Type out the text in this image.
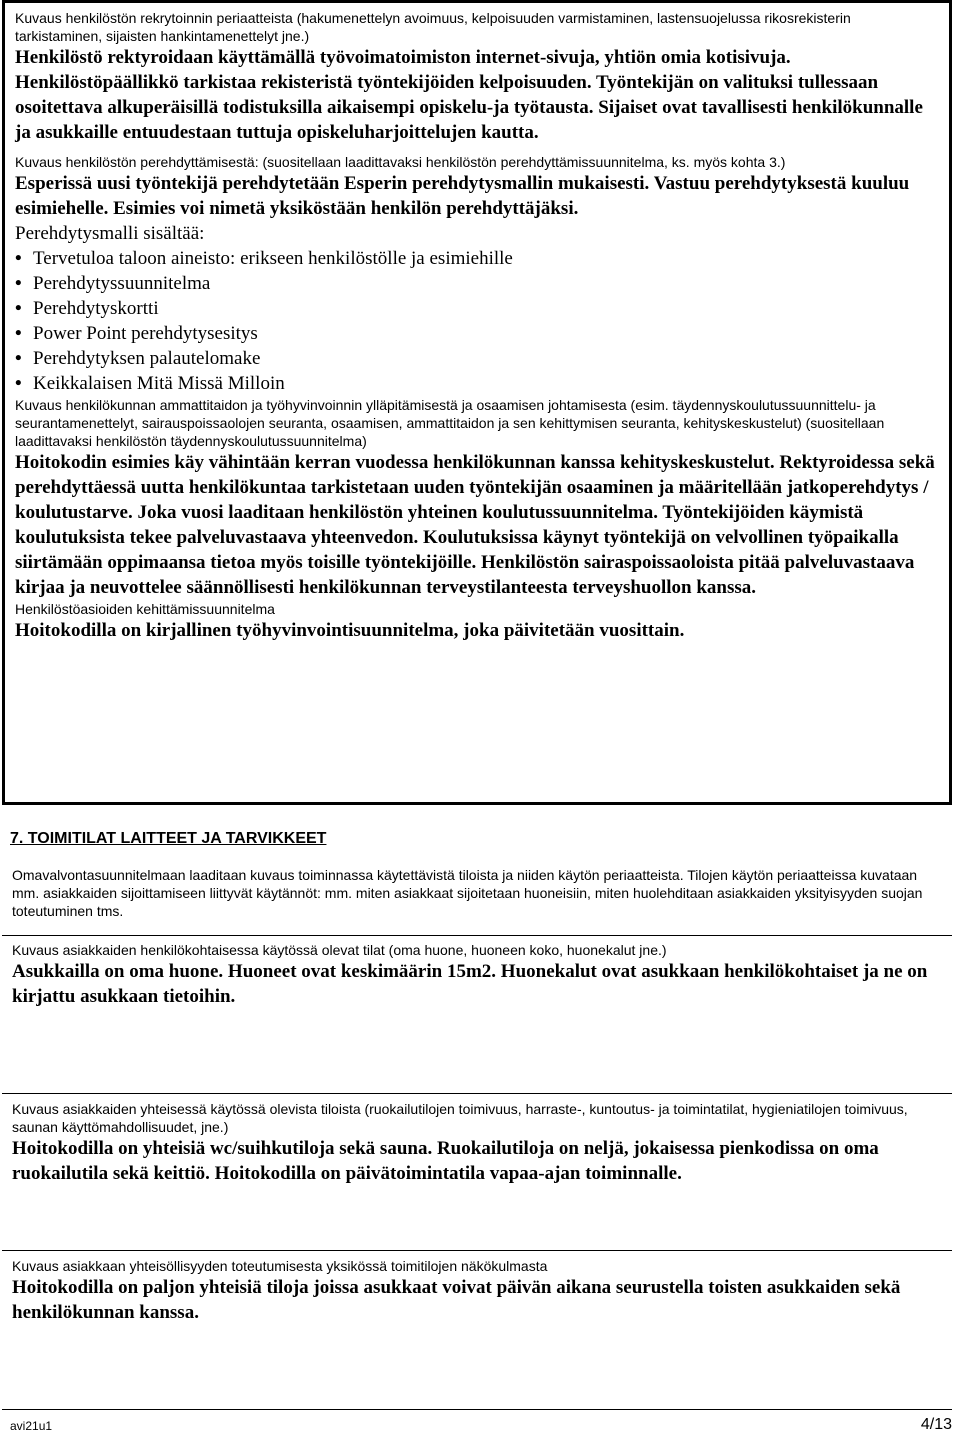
Kuvaus henkilöstön rekrytoinnin periaatteista (hakumenettelyn avoimuus, kelpoisuuden varmistaminen, lastensuojelussa rikosrekisterin tarkistaminen, sijaisten hankintamenettelyt jne.)

Henkilöstö rektyroidaan käyttämällä työvoimatoimiston internet-sivuja, yhtiön omia kotisivuja. Henkilöstöpäällikkö tarkistaa rekisteristä työntekijöiden kelpoisuuden. Työntekijän on valituksi tullessaan osoitettava alkuperäisillä todistuksilla aikaisempi opiskelu-ja työtausta. Sijaiset ovat tavallisesti henkilökunnalle ja asukkaille entuudestaan tuttuja opiskeluharjoittelujen kautta.

Kuvaus henkilöstön perehdyttämisestä: (suositellaan laadittavaksi henkilöstön perehdyttämissuunnitelma, ks. myös kohta 3.)

Esperissä uusi työntekijä perehdytetään Esperin perehdytysmallin mukaisesti. Vastuu perehdytyksestä kuuluu esimiehelle. Esimies voi nimetä yksiköstään henkilön perehdyttäjäksi.

Perehdytysmalli sisältää:

• Tervetuloa taloon aineisto: erikseen henkilöstölle ja esimiehille
• Perehdytyssuunnitelma
• Perehdytyskortti
• Power Point perehdytysesitys
• Perehdytyksen palautelomake
• Keikkalaisen Mitä Missä Milloin

Kuvaus henkilökunnan ammattitaidon ja työhyvinvoinnin ylläpitämisestä ja osaamisen johtamisesta (esim. täydennyskoulutussuunnittelu- ja seurantamenettelyt, sairauspoissaolojen seuranta, osaamisen, ammattitaidon ja sen kehittymisen seuranta, kehityskeskustelut) (suositellaan laadittavaksi henkilöstön täydennyskoulutussuunnitelma)

Hoitokodin esimies käy vähintään kerran vuodessa henkilökunnan kanssa kehityskeskustelut. Rektyroidessa sekä perehdyttäessä uutta henkilökuntaa tarkistetaan uuden työntekijän osaaminen ja määritellään jatkoperehdytys / koulutustarve. Joka vuosi laaditaan henkilöstön yhteinen koulutussuunnitelma. Työntekijöiden käymistä koulutuksista tekee palveluvastaava yhteenvedon. Koulutuksissa käynyt työntekijä on velvollinen työpaikalla siirtämään oppimaansa tietoa myös toisille työntekijöille. Henkilöstön sairaspoissaoloista pitää palveluvastaava kirjaa ja neuvottelee säännöllisesti henkilökunnan terveystilanteesta terveyshuollon kanssa.

Henkilöstöasioiden kehittämissuunnitelma

Hoitokodilla on kirjallinen työhyvinvointisuunnitelma, joka päivitetään vuosittain.

7. TOIMITILAT LAITTEET JA TARVIKKEET

Omavalvontasuunnitelmaan laaditaan kuvaus toiminnassa käytettävistä tiloista ja niiden käytön periaatteista. Tilojen käytön periaatteissa kuvataan mm. asiakkaiden sijoittamiseen liittyvät käytännöt: mm. miten asiakkaat sijoitetaan huoneisiin, miten huolehditaan asiakkaiden yksityisyyden suojan toteutuminen tms.

Kuvaus asiakkaiden henkilökohtaisessa käytössä olevat tilat (oma huone, huoneen koko, huonekalut jne.)

Asukkailla on oma huone. Huoneet ovat keskimäärin 15m2. Huonekalut ovat asukkaan henkilökohtaiset ja ne on kirjattu asukkaan tietoihin.

Kuvaus asiakkaiden yhteisessä käytössä olevista tiloista (ruokailutilojen toimivuus, harraste-, kuntoutus- ja toimintatilat, hygieniatilojen toimivuus, saunan käyttömahdollisuudet, jne.)

Hoitokodilla on yhteisiä wc/suihkutiloja sekä sauna. Ruokailutiloja on neljä, jokaisessa pienkodissa on oma ruokailutila sekä keittiö. Hoitokodilla on päivätoimintatila vapaa-ajan toiminnalle.

Kuvaus asiakkaan yhteisöllisyyden toteutumisesta yksikössä toimitilojen näkökulmasta

Hoitokodilla on paljon yhteisiä tiloja joissa asukkaat voivat päivän aikana seurustella toisten asukkaiden sekä henkilökunnan kanssa.

avi21u1	4/13
